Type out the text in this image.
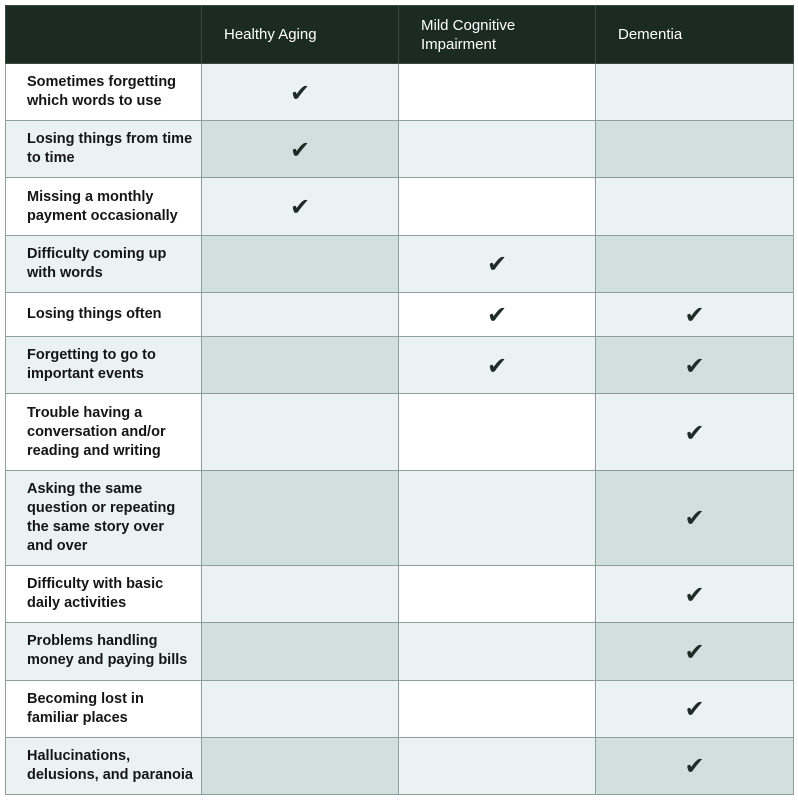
	Healthy Aging	Mild Cognitive Impairment	Dementia
Sometimes forgetting which words to use	✔		
Losing things from time to time	✔		
Missing a monthly payment occasionally	✔		
Difficulty coming up with words		✔	
Losing things often		✔	✔
Forgetting to go to important events		✔	✔
Trouble having a conversation and/or reading and writing			✔
Asking the same question or repeating the same story over and over			✔
Difficulty with basic daily activities			✔
Problems handling money and paying bills			✔
Becoming lost in familiar places			✔
Hallucinations, delusions, and paranoia			✔
